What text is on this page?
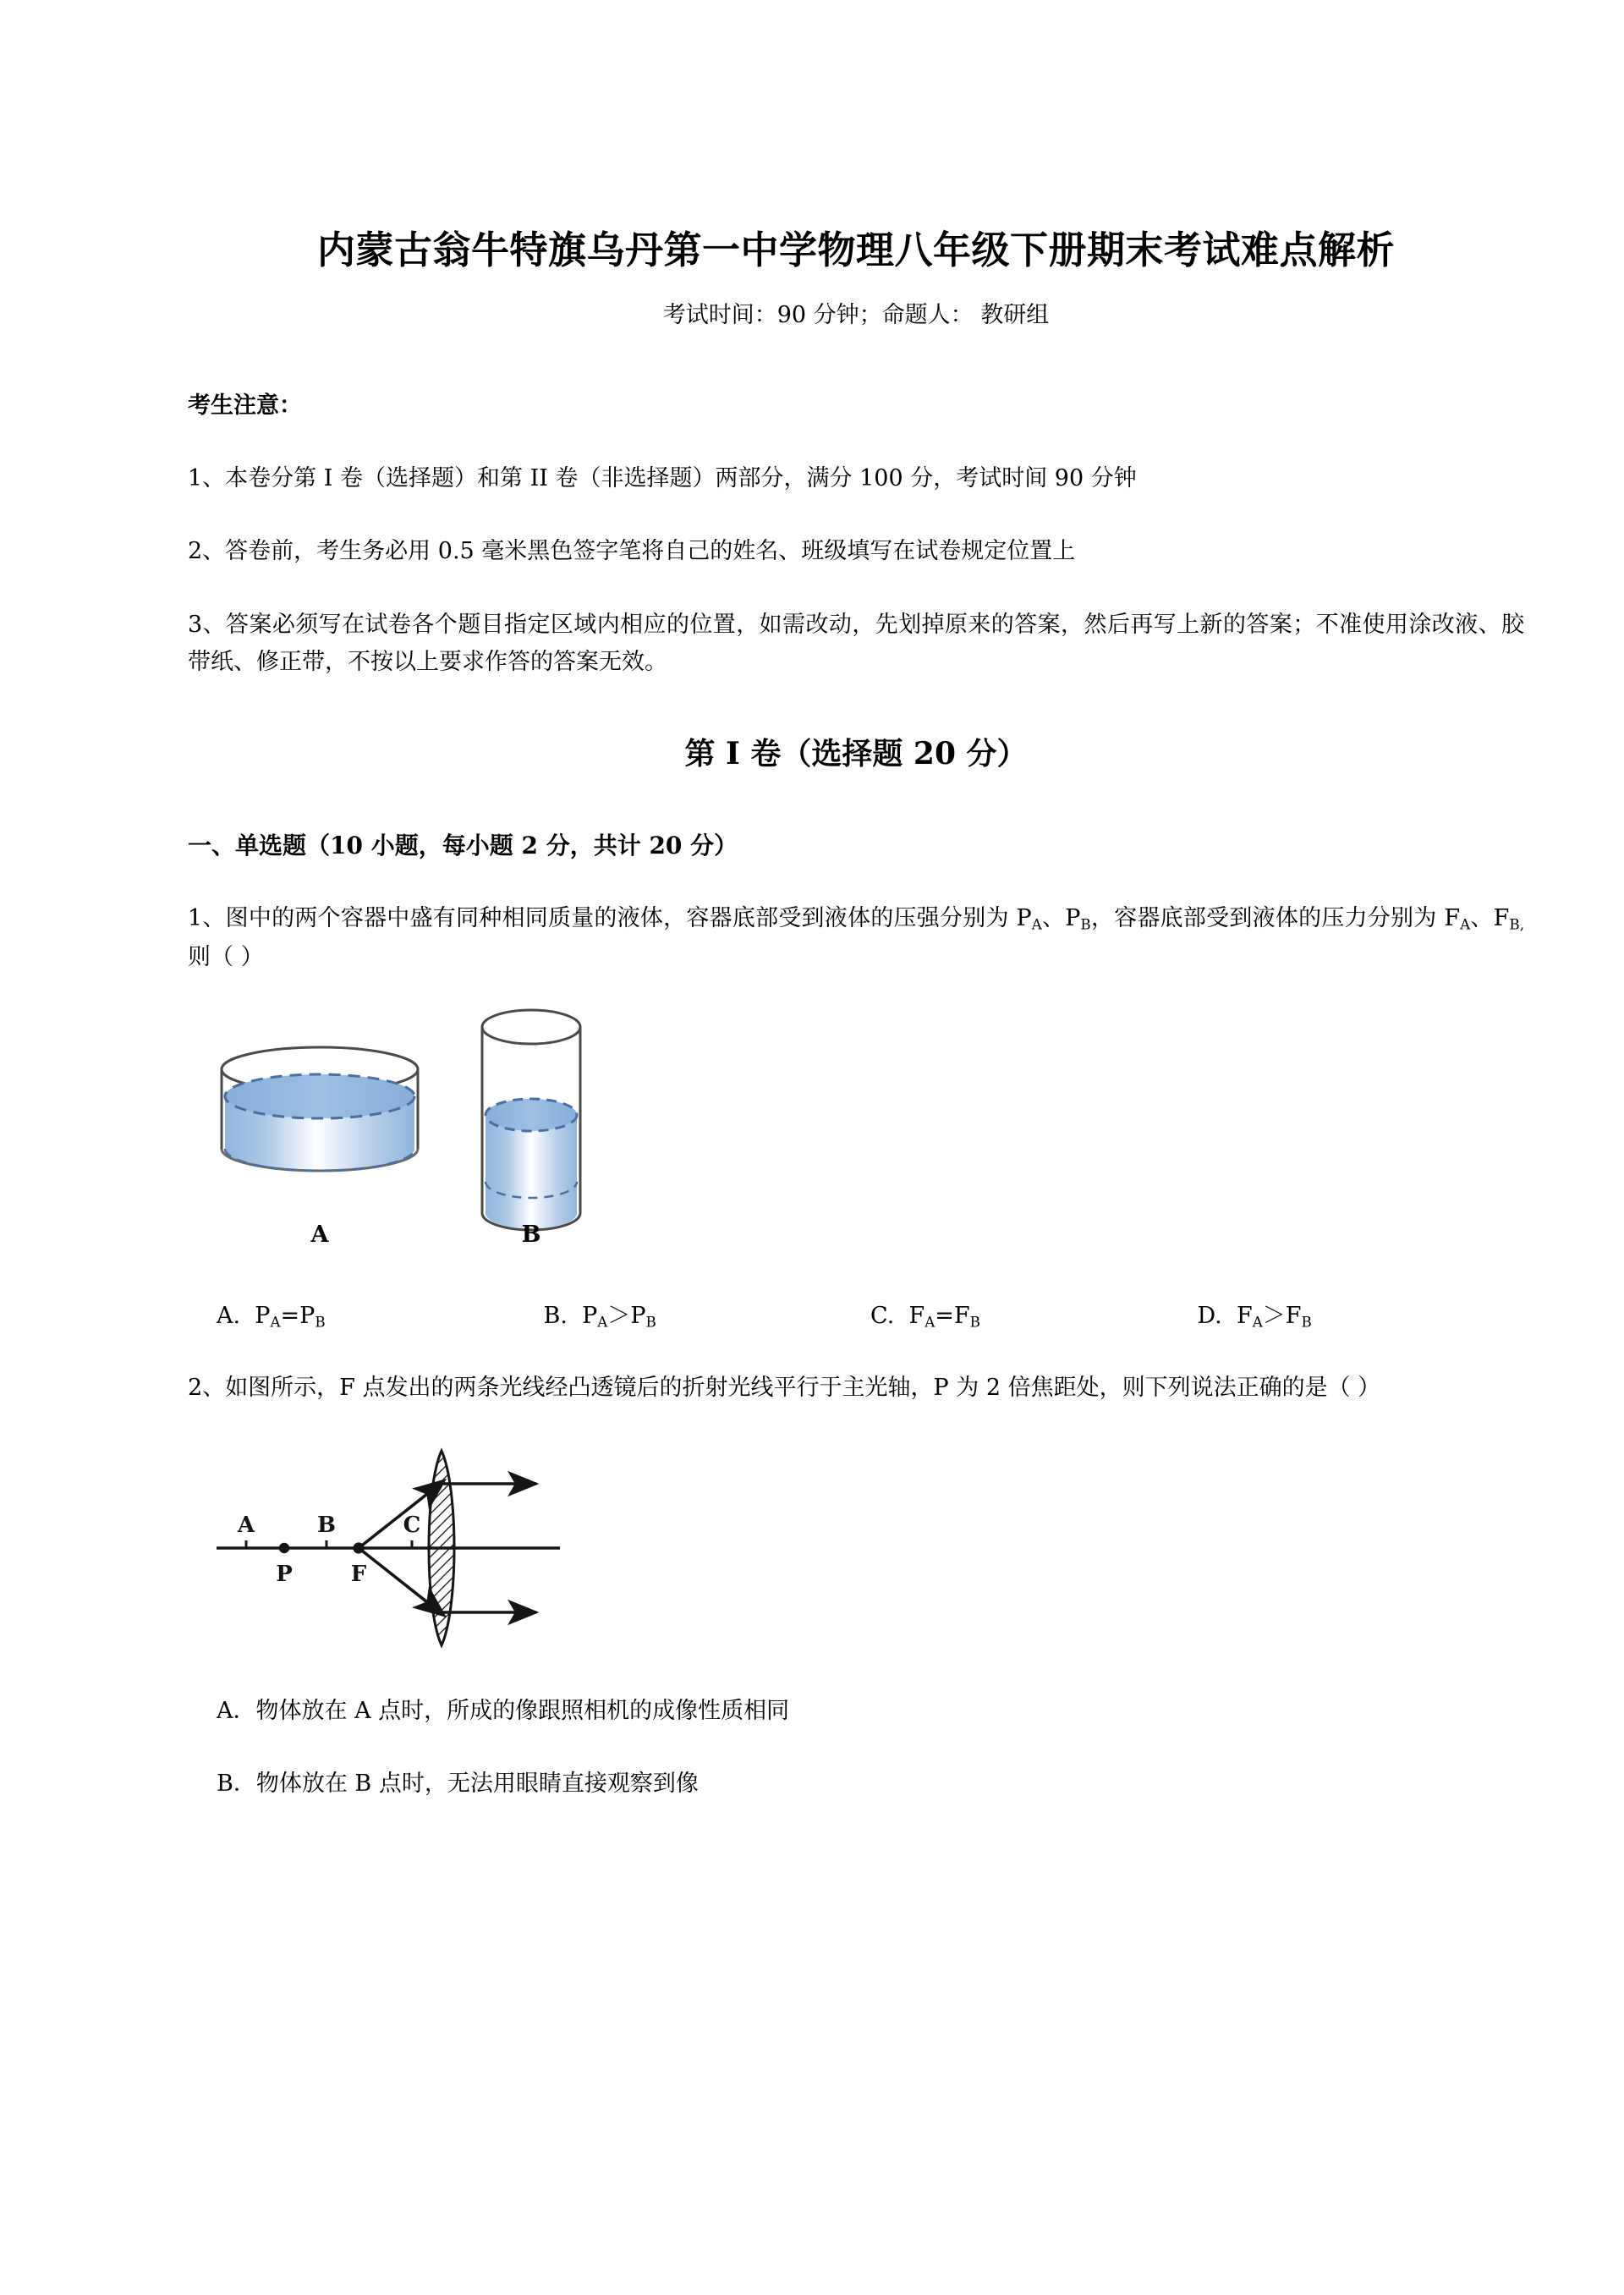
内蒙古翁牛特旗乌丹第一中学物理八年级下册期末考试难点解析

考试时间：90 分钟；命题人： 教研组

考生注意：

1、本卷分第 I 卷（选择题）和第 II 卷（非选择题）两部分，满分 100 分，考试时间 90 分钟

2、答卷前，考生务必用 0.5 毫米黑色签字笔将自己的姓名、班级填写在试卷规定位置上

3、答案必须写在试卷各个题目指定区域内相应的位置，如需改动，先划掉原来的答案，然后再写上新的答案；不准使用涂改液、胶带纸、修正带，不按以上要求作答的答案无效。

第 I 卷（选择题 20 分）
一、单选题（10 小题，每小题 2 分，共计 20 分）

1、图中的两个容器中盛有同种相同质量的液体，容器底部受到液体的压强分别为 $P_A$、$P_B$，容器底部受到液体的压力分别为 $F_A$、$F_{B,}$ 则（ ）

A	B
A. $P_A=P_B$	B. $P_A>P_B$	C. $F_A=F_B$	D. $F_A>F_B$

2、如图所示，F 点发出的两条光线经凸透镜后的折射光线平行于主光轴，P 为 2 倍焦距处，则下列说法正确的是（ ）

A	B	C
P	F
A．物体放在 A 点时，所成的像跟照相机的成像性质相同
B．物体放在 B 点时，无法用眼睛直接观察到像
